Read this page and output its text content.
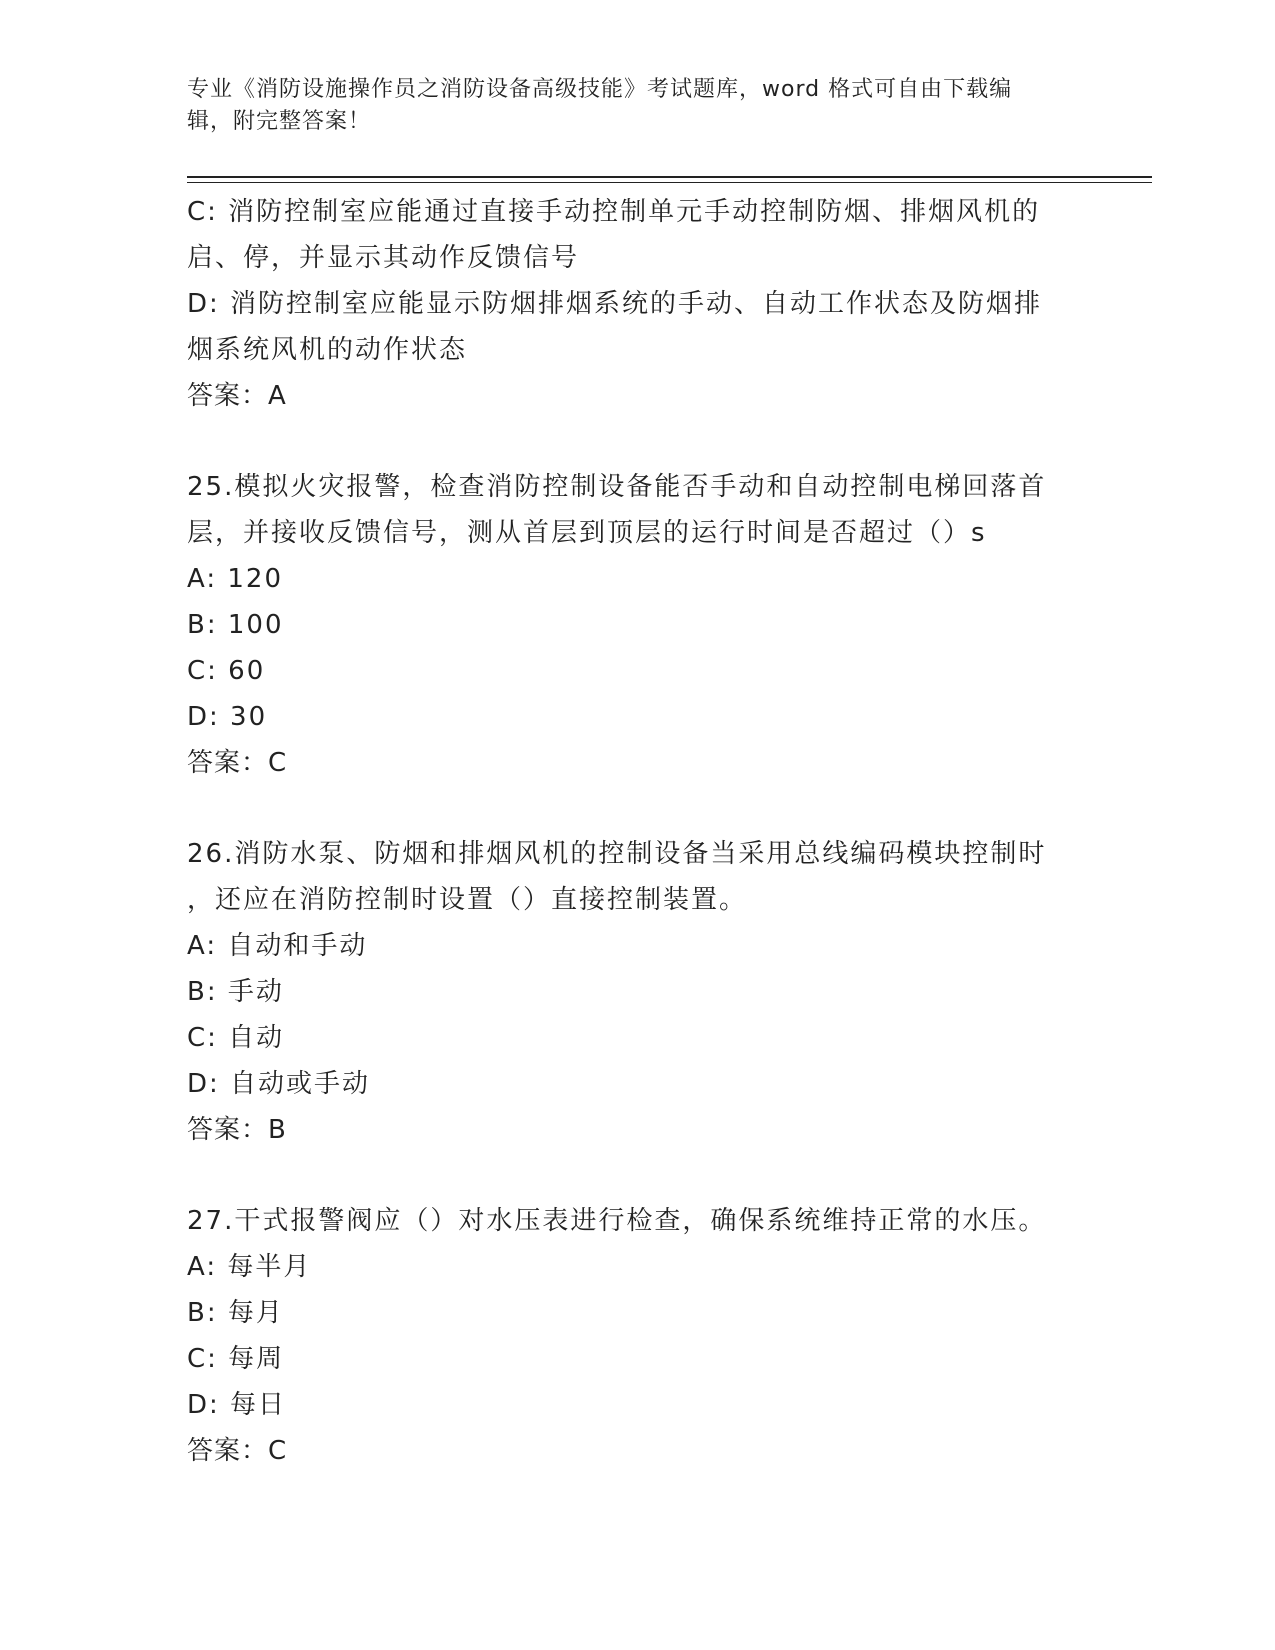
专业《消防设施操作员之消防设备高级技能》考试题库，word 格式可自由下载编
辑，附完整答案！
C: 消防控制室应能通过直接手动控制单元手动控制防烟、排烟风机的
启、停，并显示其动作反馈信号
D: 消防控制室应能显示防烟排烟系统的手动、自动工作状态及防烟排
烟系统风机的动作状态
答案：A
25.模拟火灾报警，检查消防控制设备能否手动和自动控制电梯回落首
层，并接收反馈信号，测从首层到顶层的运行时间是否超过（）s
A: 120
B: 100
C: 60
D: 30
答案：C
26.消防水泵、防烟和排烟风机的控制设备当采用总线编码模块控制时
，还应在消防控制时设置（）直接控制装置。
A: 自动和手动
B: 手动
C: 自动
D: 自动或手动
答案：B
27.干式报警阀应（）对水压表进行检查，确保系统维持正常的水压。
A: 每半月
B: 每月
C: 每周
D: 每日
答案：C
